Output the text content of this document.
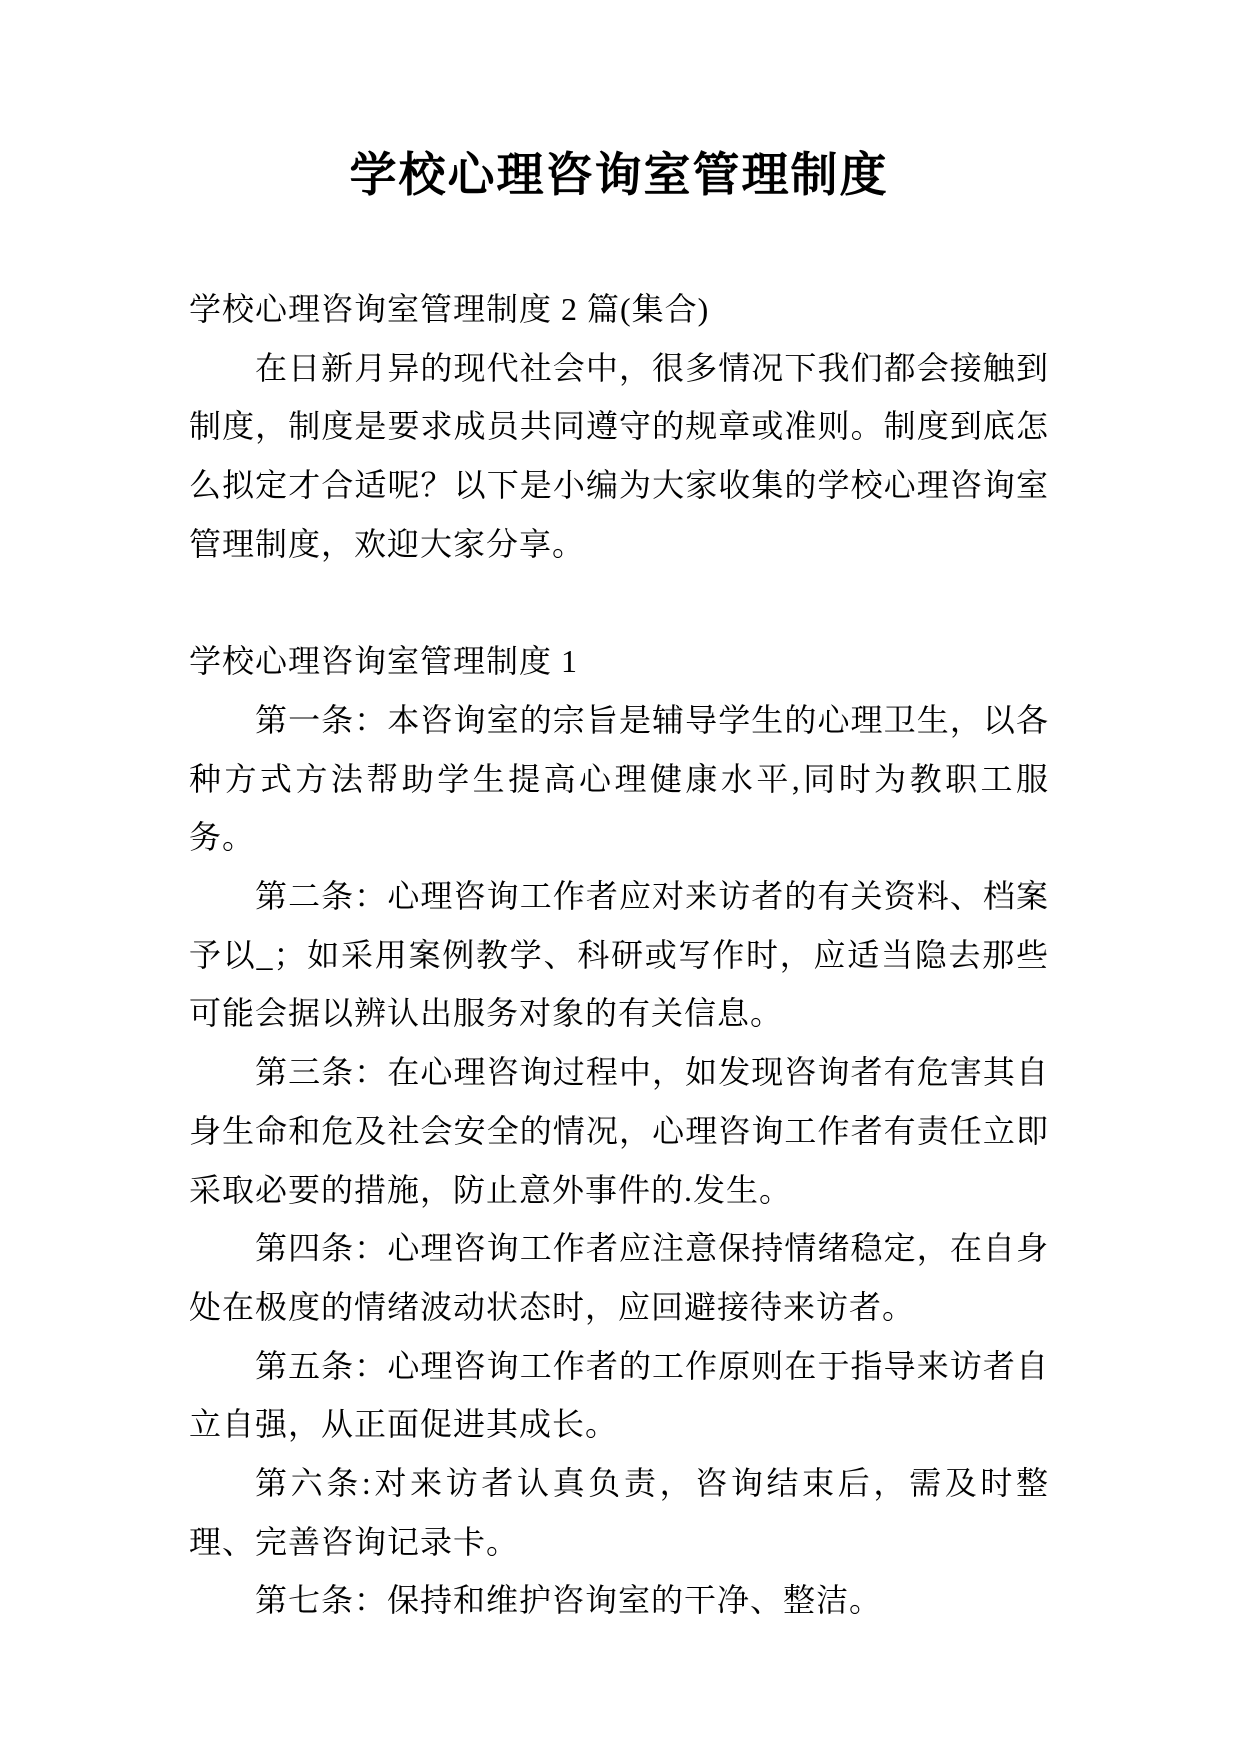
学校心理咨询室管理制度

学校心理咨询室管理制度 2 篇(集合)

在日新月异的现代社会中，很多情况下我们都会接触到制度，制度是要求成员共同遵守的规章或准则。制度到底怎么拟定才合适呢？以下是小编为大家收集的学校心理咨询室管理制度，欢迎大家分享。

学校心理咨询室管理制度 1

第一条：本咨询室的宗旨是辅导学生的心理卫生，以各种方式方法帮助学生提高心理健康水平,同时为教职工服务。

第二条：心理咨询工作者应对来访者的有关资料、档案予以_；如采用案例教学、科研或写作时，应适当隐去那些可能会据以辨认出服务对象的有关信息。

第三条：在心理咨询过程中，如发现咨询者有危害其自身生命和危及社会安全的情况，心理咨询工作者有责任立即采取必要的措施，防止意外事件的.发生。

第四条：心理咨询工作者应注意保持情绪稳定，在自身处在极度的情绪波动状态时，应回避接待来访者。

第五条：心理咨询工作者的工作原则在于指导来访者自立自强，从正面促进其成长。

第六条:对来访者认真负责，咨询结束后，需及时整理、完善咨询记录卡。

第七条：保持和维护咨询室的干净、整洁。
